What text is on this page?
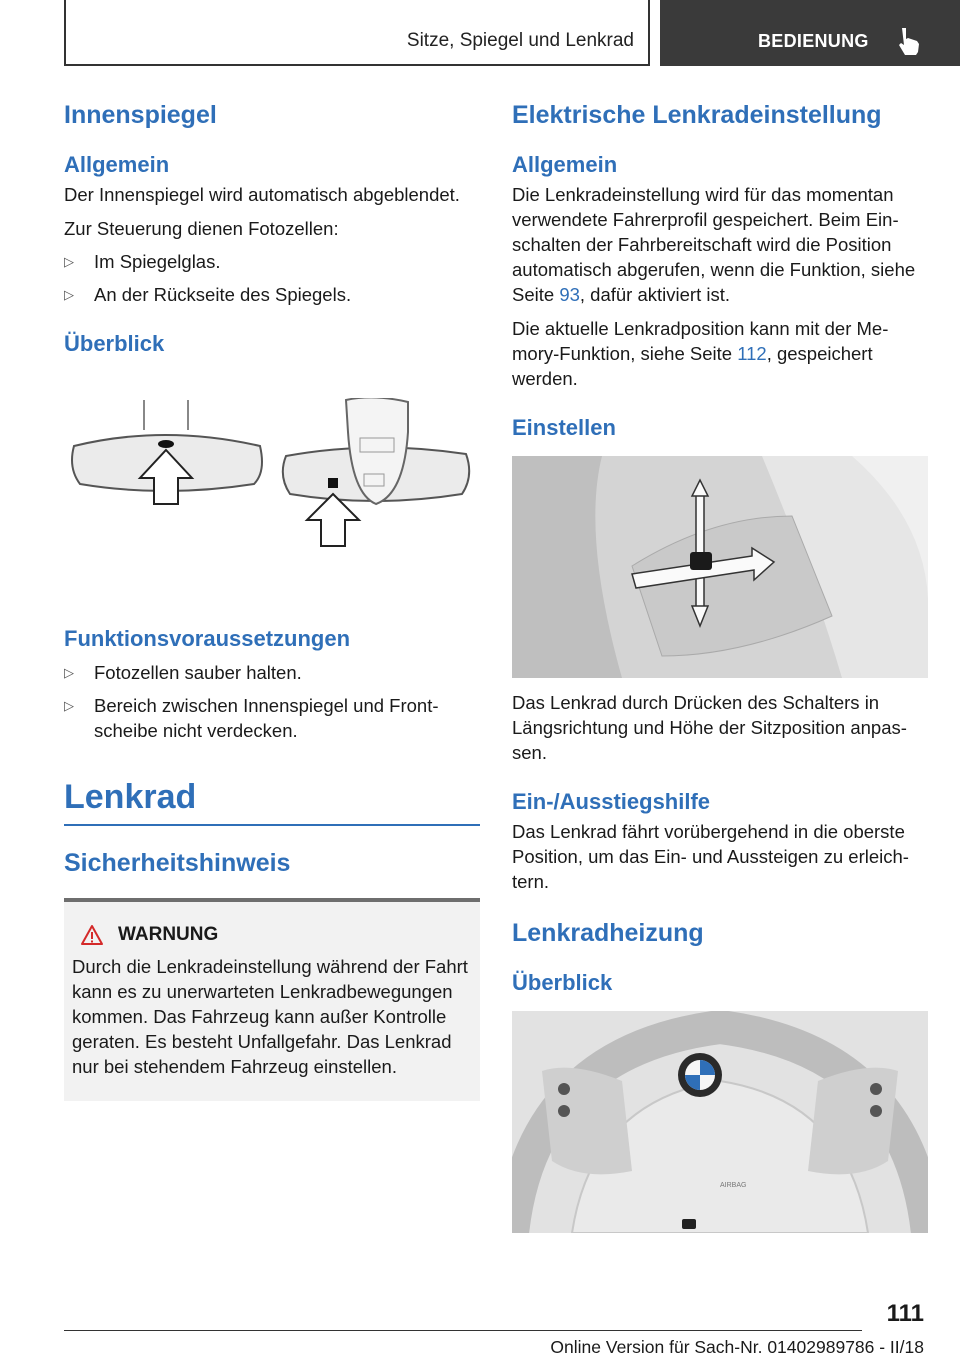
Sitze, Spiegel und Lenkrad	BEDIENUNG
Innenspiegel
Allgemein

Der Innenspiegel wird automatisch abgeblendet.

Zur Steuerung dienen Fotozellen:

▷ Im Spiegelglas.
▷ An der Rückseite des Spiegels.
Überblick
Funktionsvoraussetzungen
▷ Fotozellen sauber halten.
▷ Bereich zwischen Innenspiegel und Frontscheibe nicht verdecken.
Lenkrad
Sicherheitshinweis
WARNUNG

Durch die Lenkradeinstellung während der Fahrt kann es zu unerwarteten Lenkradbewegungen kommen. Das Fahrzeug kann außer Kontrolle geraten. Es besteht Unfallgefahr. Das Lenkrad nur bei stehendem Fahrzeug einstellen.

Elektrische Lenkradeinstellung
Allgemein

Die Lenkradeinstellung wird für das momentan verwendete Fahrerprofil gespeichert. Beim Einschalten der Fahrbereitschaft wird die Position automatisch abgerufen, wenn die Funktion, siehe Seite 93, dafür aktiviert ist.

Die aktuelle Lenkradposition kann mit der Memory-Funktion, siehe Seite 112, gespeichert werden.

Einstellen

Das Lenkrad durch Drücken des Schalters in Längsrichtung und Höhe der Sitzposition anpassen.

Ein-/Ausstiegshilfe

Das Lenkrad fährt vorübergehend in die oberste Position, um das Ein- und Aussteigen zu erleichtern.

Lenkradheizung
Überblick
AIRBAG
111
Online Version für Sach-Nr. 01402989786 - II/18
